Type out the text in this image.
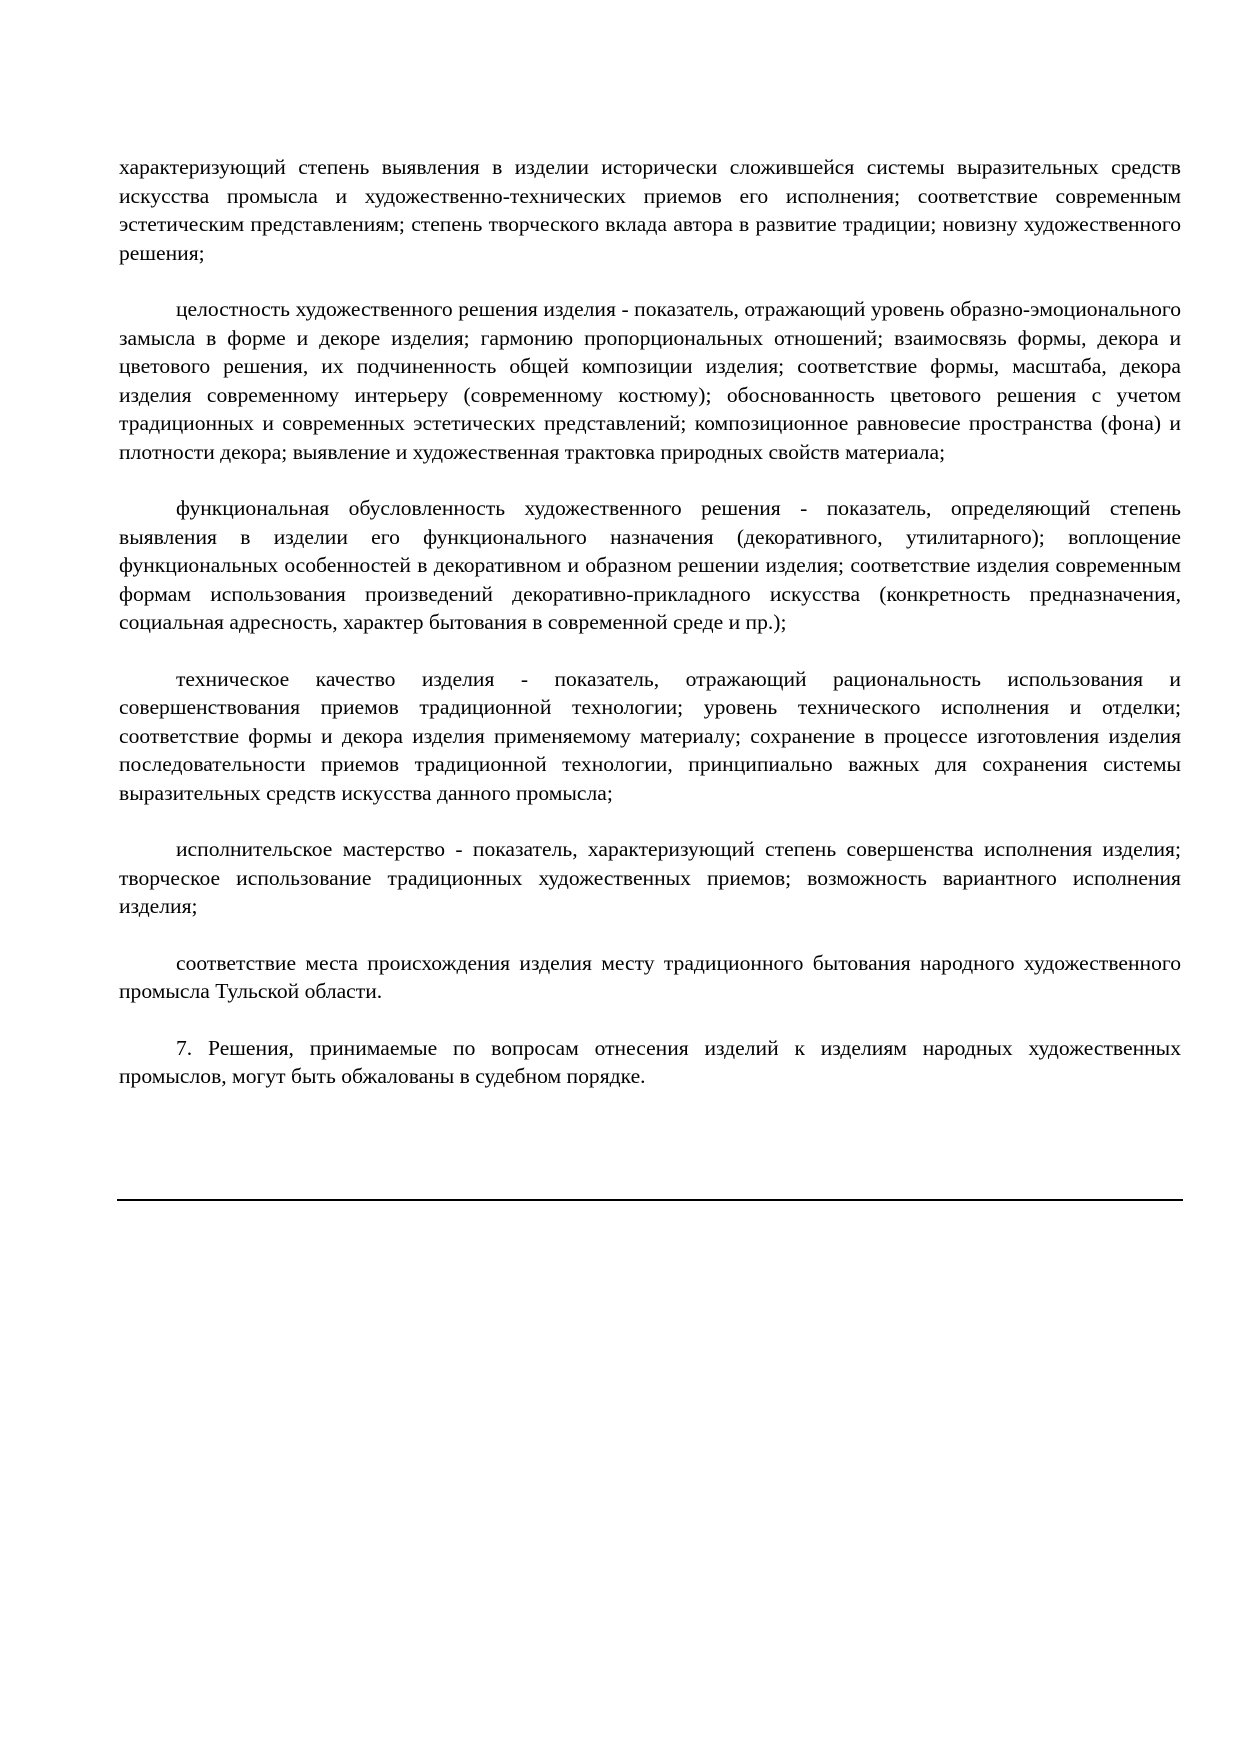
характеризующий степень выявления в изделии исторически сложившейся системы выразительных средств искусства промысла и художественно-технических приемов его исполнения; соответствие современным эстетическим представлениям; степень творческого вклада автора в развитие традиции; новизну художественного решения;

целостность художественного решения изделия - показатель, отражающий уровень образно-эмоционального замысла в форме и декоре изделия; гармонию пропорциональных отношений; взаимосвязь формы, декора и цветового решения, их подчиненность общей композиции изделия; соответствие формы, масштаба, декора изделия современному интерьеру (современному костюму); обоснованность цветового решения с учетом традиционных и современных эстетических представлений; композиционное равновесие пространства (фона) и плотности декора; выявление и художественная трактовка природных свойств материала;

функциональная обусловленность художественного решения - показатель, определяющий степень выявления в изделии его функционального назначения (декоративного, утилитарного); воплощение функциональных особенностей в декоративном и образном решении изделия; соответствие изделия современным формам использования произведений декоративно-прикладного искусства (конкретность предназначения, социальная адресность, характер бытования в современной среде и пр.);

техническое качество изделия - показатель, отражающий рациональность использования и совершенствования приемов традиционной технологии; уровень технического исполнения и отделки; соответствие формы и декора изделия применяемому материалу; сохранение в процессе изготовления изделия последовательности приемов традиционной технологии, принципиально важных для сохранения системы выразительных средств искусства данного промысла;

исполнительское мастерство - показатель, характеризующий степень совершенства исполнения изделия; творческое использование традиционных художественных приемов; возможность вариантного исполнения изделия;

соответствие места происхождения изделия месту традиционного бытования народного художественного промысла Тульской области.

7. Решения, принимаемые по вопросам отнесения изделий к изделиям народных художественных промыслов, могут быть обжалованы в судебном порядке.
